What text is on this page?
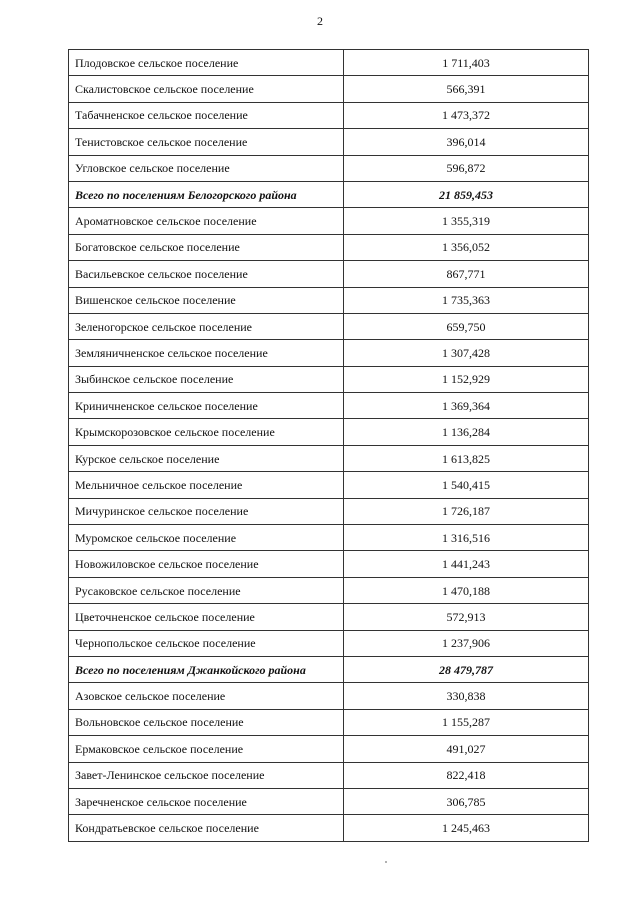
2
Плодовское сельское поселение	1 711,403
Скалистовское сельское поселение	566,391
Табачненское сельское поселение	1 473,372
Тенистовское сельское поселение	396,014
Угловское сельское поселение	596,872
Всего по поселениям Белогорского района	21 859,453
Ароматновское сельское поселение	1 355,319
Богатовское сельское поселение	1 356,052
Васильевское сельское поселение	867,771
Вишенское сельское поселение	1 735,363
Зеленогорское сельское поселение	659,750
Земляничненское сельское поселение	1 307,428
Зыбинское сельское поселение	1 152,929
Криничненское сельское поселение	1 369,364
Крымскорозовское сельское поселение	1 136,284
Курское сельское поселение	1 613,825
Мельничное сельское поселение	1 540,415
Мичуринское сельское поселение	1 726,187
Муромское сельское поселение	1 316,516
Новожиловское сельское поселение	1 441,243
Русаковское сельское поселение	1 470,188
Цветочненское сельское поселение	572,913
Чернопольское сельское поселение	1 237,906
Всего по поселениям Джанкойского района	28 479,787
Азовское сельское поселение	330,838
Вольновское сельское поселение	1 155,287
Ермаковское сельское поселение	491,027
Завет-Ленинское сельское поселение	822,418
Заречненское сельское поселение	306,785
Кондратьевское сельское поселение	1 245,463
